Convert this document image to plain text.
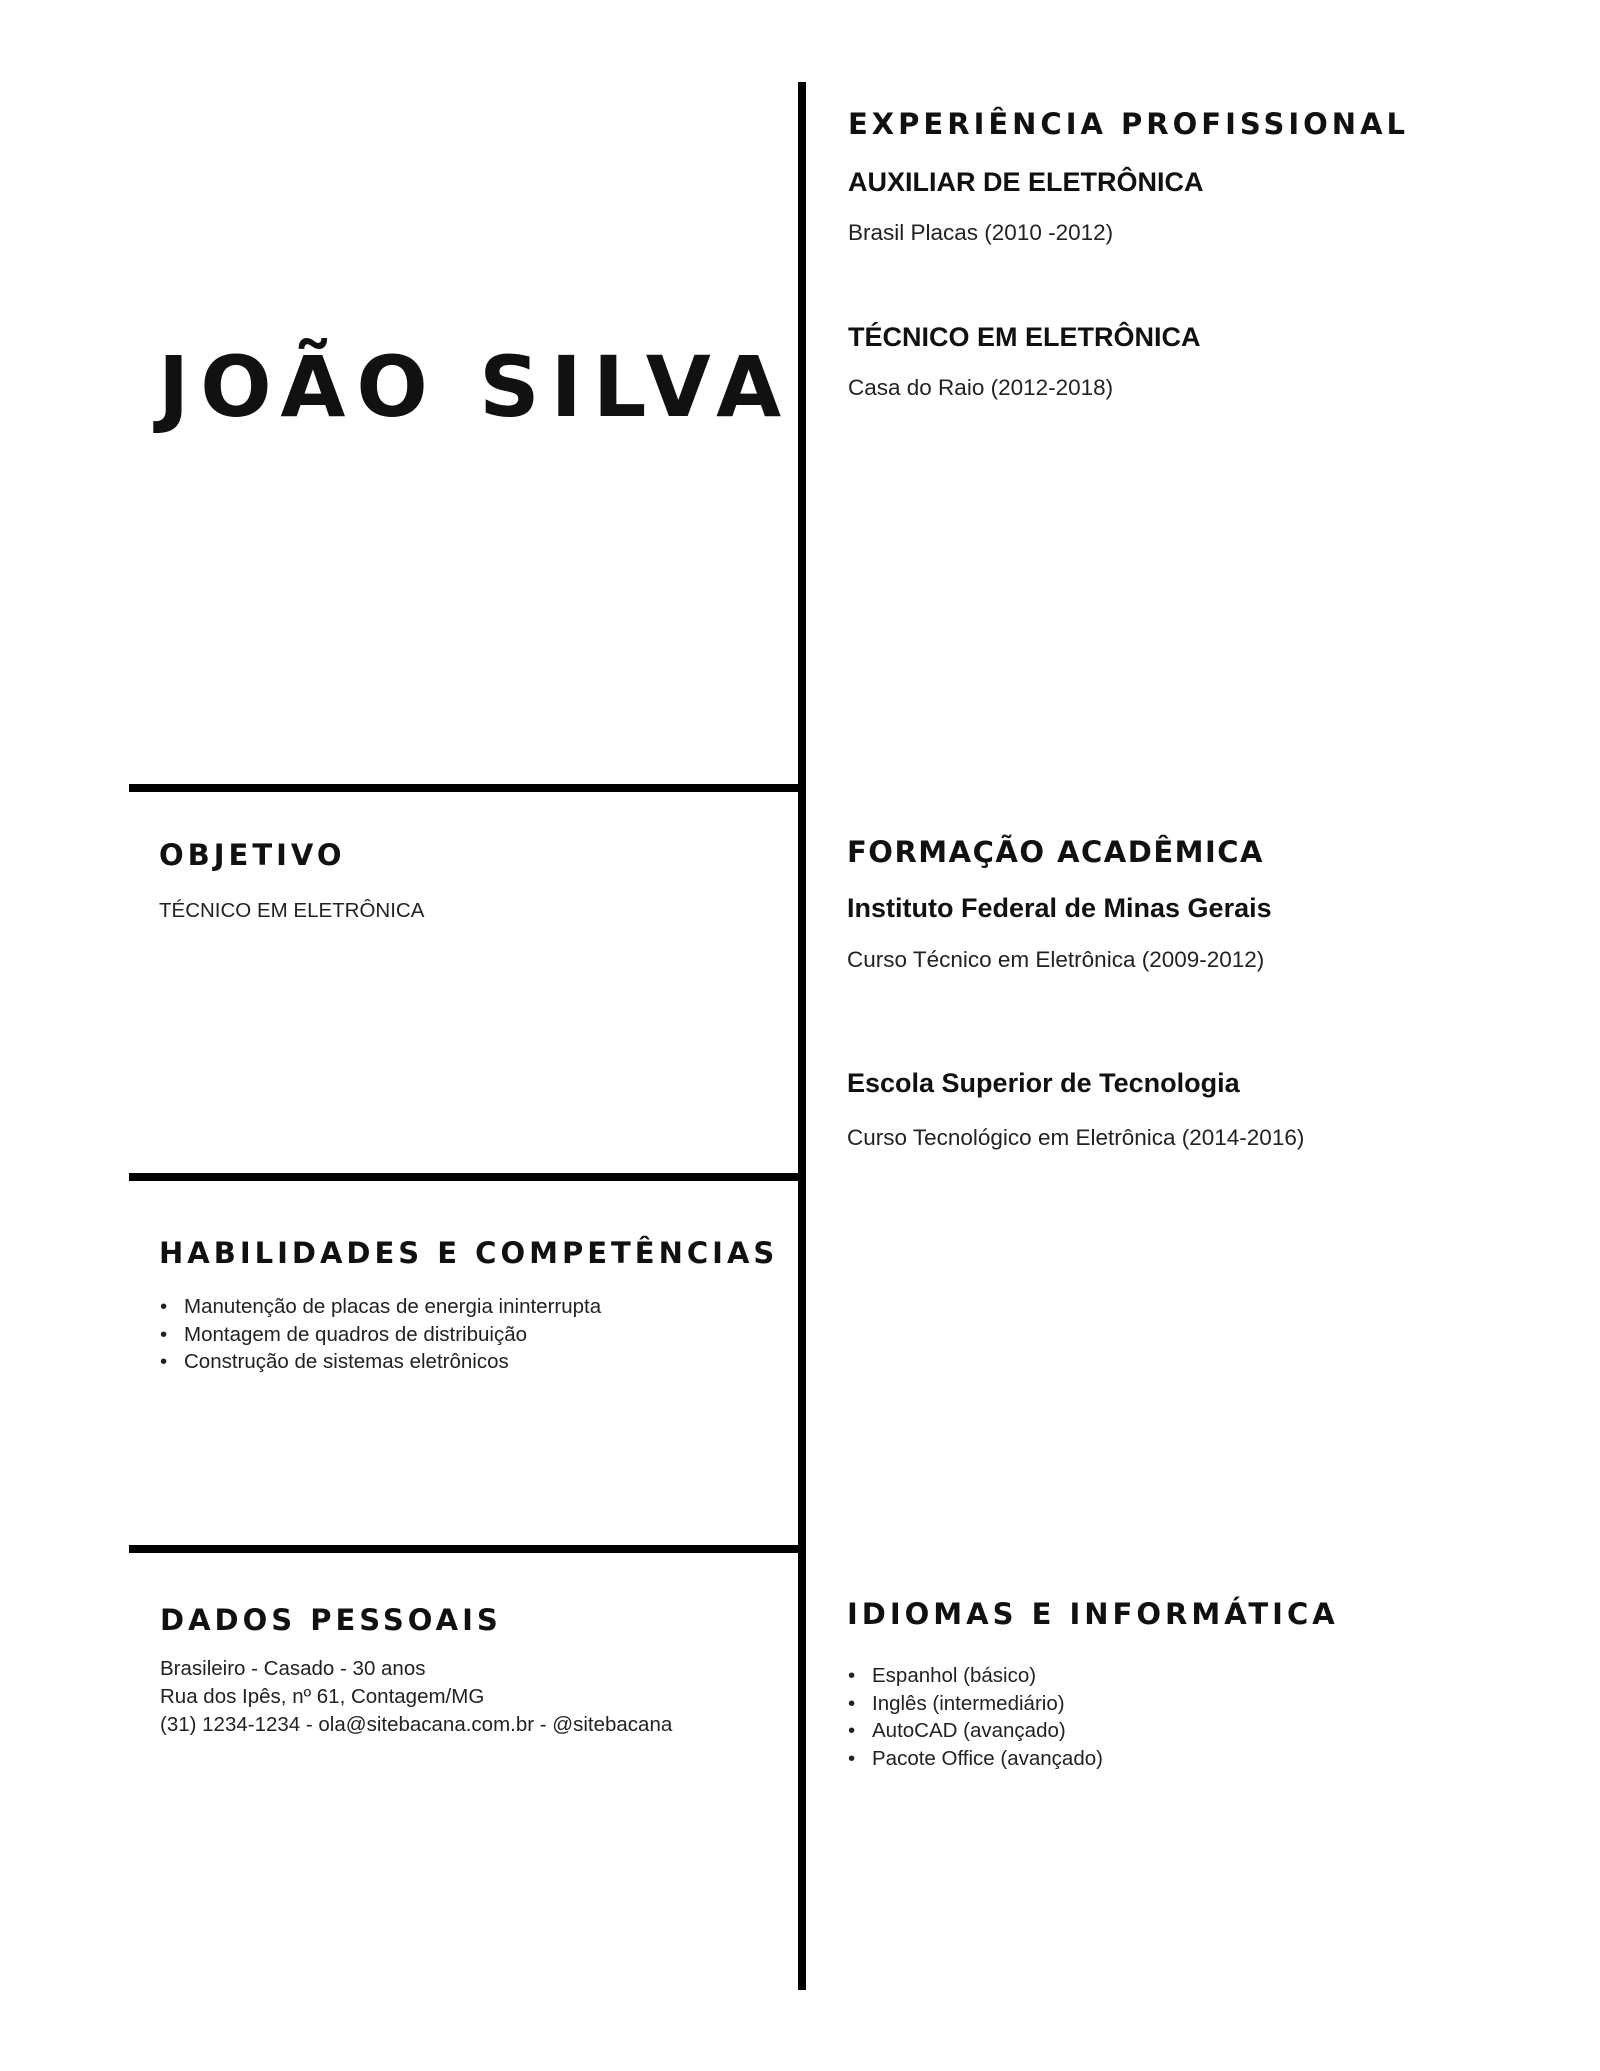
JOÃO SILVA
EXPERIÊNCIA PROFISSIONAL
AUXILIAR DE ELETRÔNICA
Brasil Placas (2010 -2012)
TÉCNICO EM ELETRÔNICA
Casa do Raio (2012-2018)
OBJETIVO
TÉCNICO EM ELETRÔNICA
FORMAÇÃO ACADÊMICA
Instituto Federal de Minas Gerais
Curso Técnico em Eletrônica (2009-2012)
Escola Superior de Tecnologia
Curso Tecnológico em Eletrônica (2014-2016)
HABILIDADES E COMPETÊNCIAS
• Manutenção de placas de energia ininterrupta
• Montagem de quadros de distribuição
• Construção de sistemas eletrônicos
DADOS PESSOAIS
Brasileiro - Casado - 30 anos
Rua dos Ipês, nº 61, Contagem/MG
(31) 1234-1234 - ola@sitebacana.com.br - @sitebacana
IDIOMAS E INFORMÁTICA
• Espanhol (básico)
• Inglês (intermediário)
• AutoCAD (avançado)
• Pacote Office (avançado)
